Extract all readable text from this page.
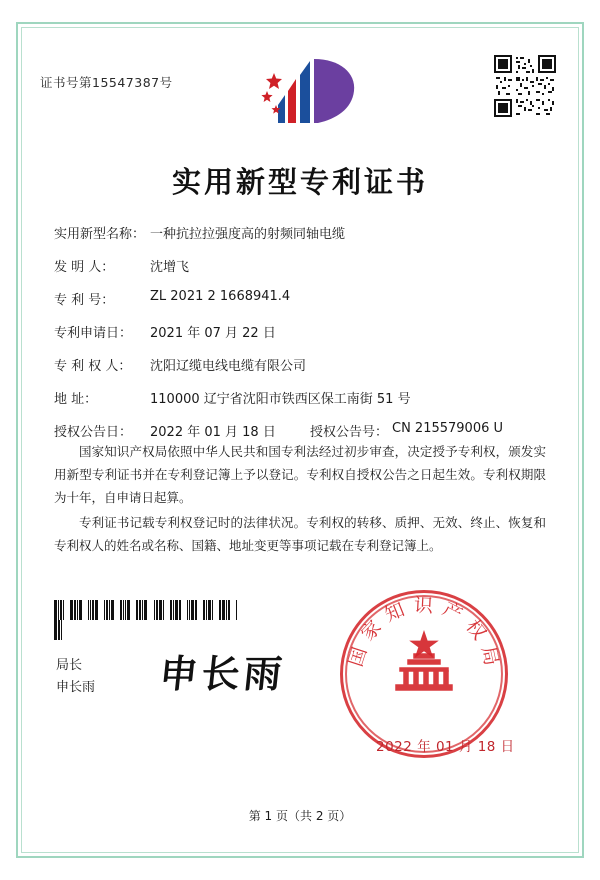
证书号第15547387号
实用新型专利证书
实用新型名称： 一种抗拉拉强度高的射频同轴电缆
发 明 人：	沈增飞
专 利 号：	ZL 2021 2 1668941.4
专利申请日： 2021 年 07 月 22 日
专 利 权 人： 沈阳辽缆电线电缆有限公司
地 址：	110000 辽宁省沈阳市铁西区保工南街 51 号
授权公告日： 2022 年 01 月 18 日	授权公告号： CN 215579006 U
国家知识产权局依照中华人民共和国专利法经过初步审查，决定授予专利权，颁发实用新型专利证书并在专利登记簿上予以登记。专利权自授权公告之日起生效。专利权期限为十年，自申请日起算。
专利证书记载专利权登记时的法律状况。专利权的转移、质押、无效、终止、恢复和专利权人的姓名或名称、国籍、地址变更等事项记载在专利登记簿上。

局长
申长雨 申长雨	国家知识产权局
2022 年 01 月 18 日
第 1 页（共 2 页）
